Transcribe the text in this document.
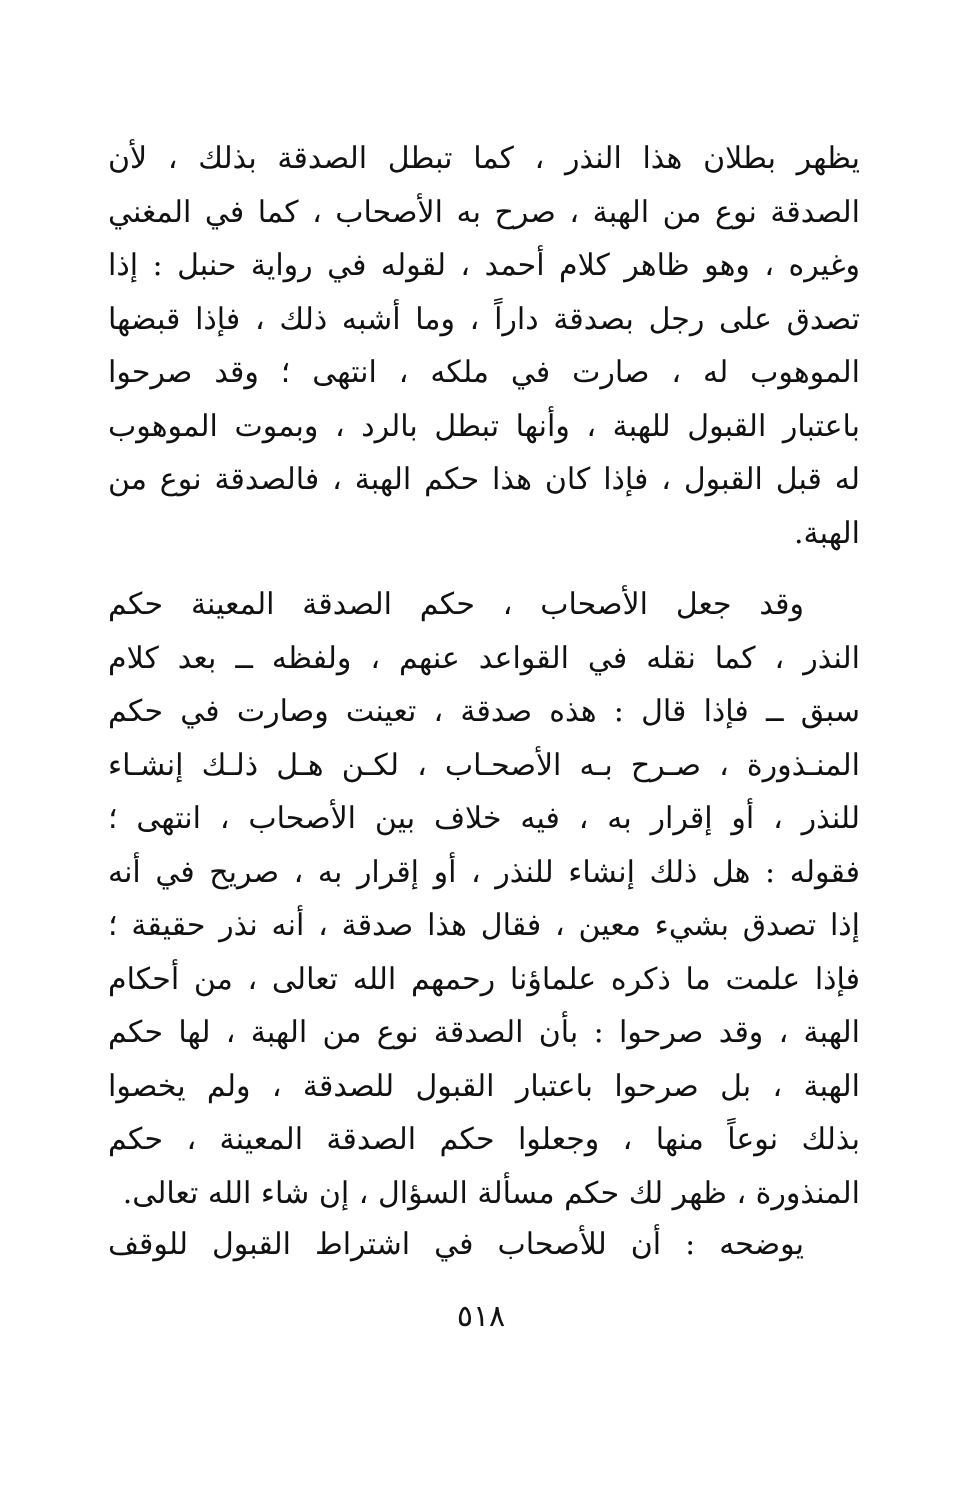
يظهر بطلان هذا النذر ، كما تبطل الصدقة بذلك ، لأن
الصدقة نوع من الهبة ، صرح به الأصحاب ، كما في المغني
وغيره ، وهو ظاهر كلام أحمد ، لقوله في رواية حنبل : إذا
تصدق على رجل بصدقة داراً ، وما أشبه ذلك ، فإذا قبضها
الموهوب له ، صارت في ملكه ، انتهى ؛ وقد صرحوا
باعتبار القبول للهبة ، وأنها تبطل بالرد ، وبموت الموهوب
له قبل القبول ، فإذا كان هذا حكم الهبة ، فالصدقة نوع من
الهبة.
وقد جعل الأصحاب ، حكم الصدقة المعينة حكم
النذر ، كما نقله في القواعد عنهم ، ولفظه ــ بعد كلام
سبق ــ فإذا قال : هذه صدقة ، تعينت وصارت في حكم
المنـذورة ، صـرح بـه الأصحـاب ، لكـن هـل ذلـك إنشـاء
للنذر ، أو إقرار به ، فيه خلاف بين الأصحاب ، انتهى ؛
فقوله : هل ذلك إنشاء للنذر ، أو إقرار به ، صريح في أنه
إذا تصدق بشيء معين ، فقال هذا صدقة ، أنه نذر حقيقة ؛
فإذا علمت ما ذكره علماؤنا رحمهم الله تعالى ، من أحكام
الهبة ، وقد صرحوا : بأن الصدقة نوع من الهبة ، لها حكم
الهبة ، بل صرحوا باعتبار القبول للصدقة ، ولم يخصوا
بذلك نوعاً منها ، وجعلوا حكم الصدقة المعينة ، حكم
المنذورة ، ظهر لك حكم مسألة السؤال ، إن شاء الله تعالى.
يوضحه : أن للأصحاب في اشتراط القبول للوقف
٥١٨
